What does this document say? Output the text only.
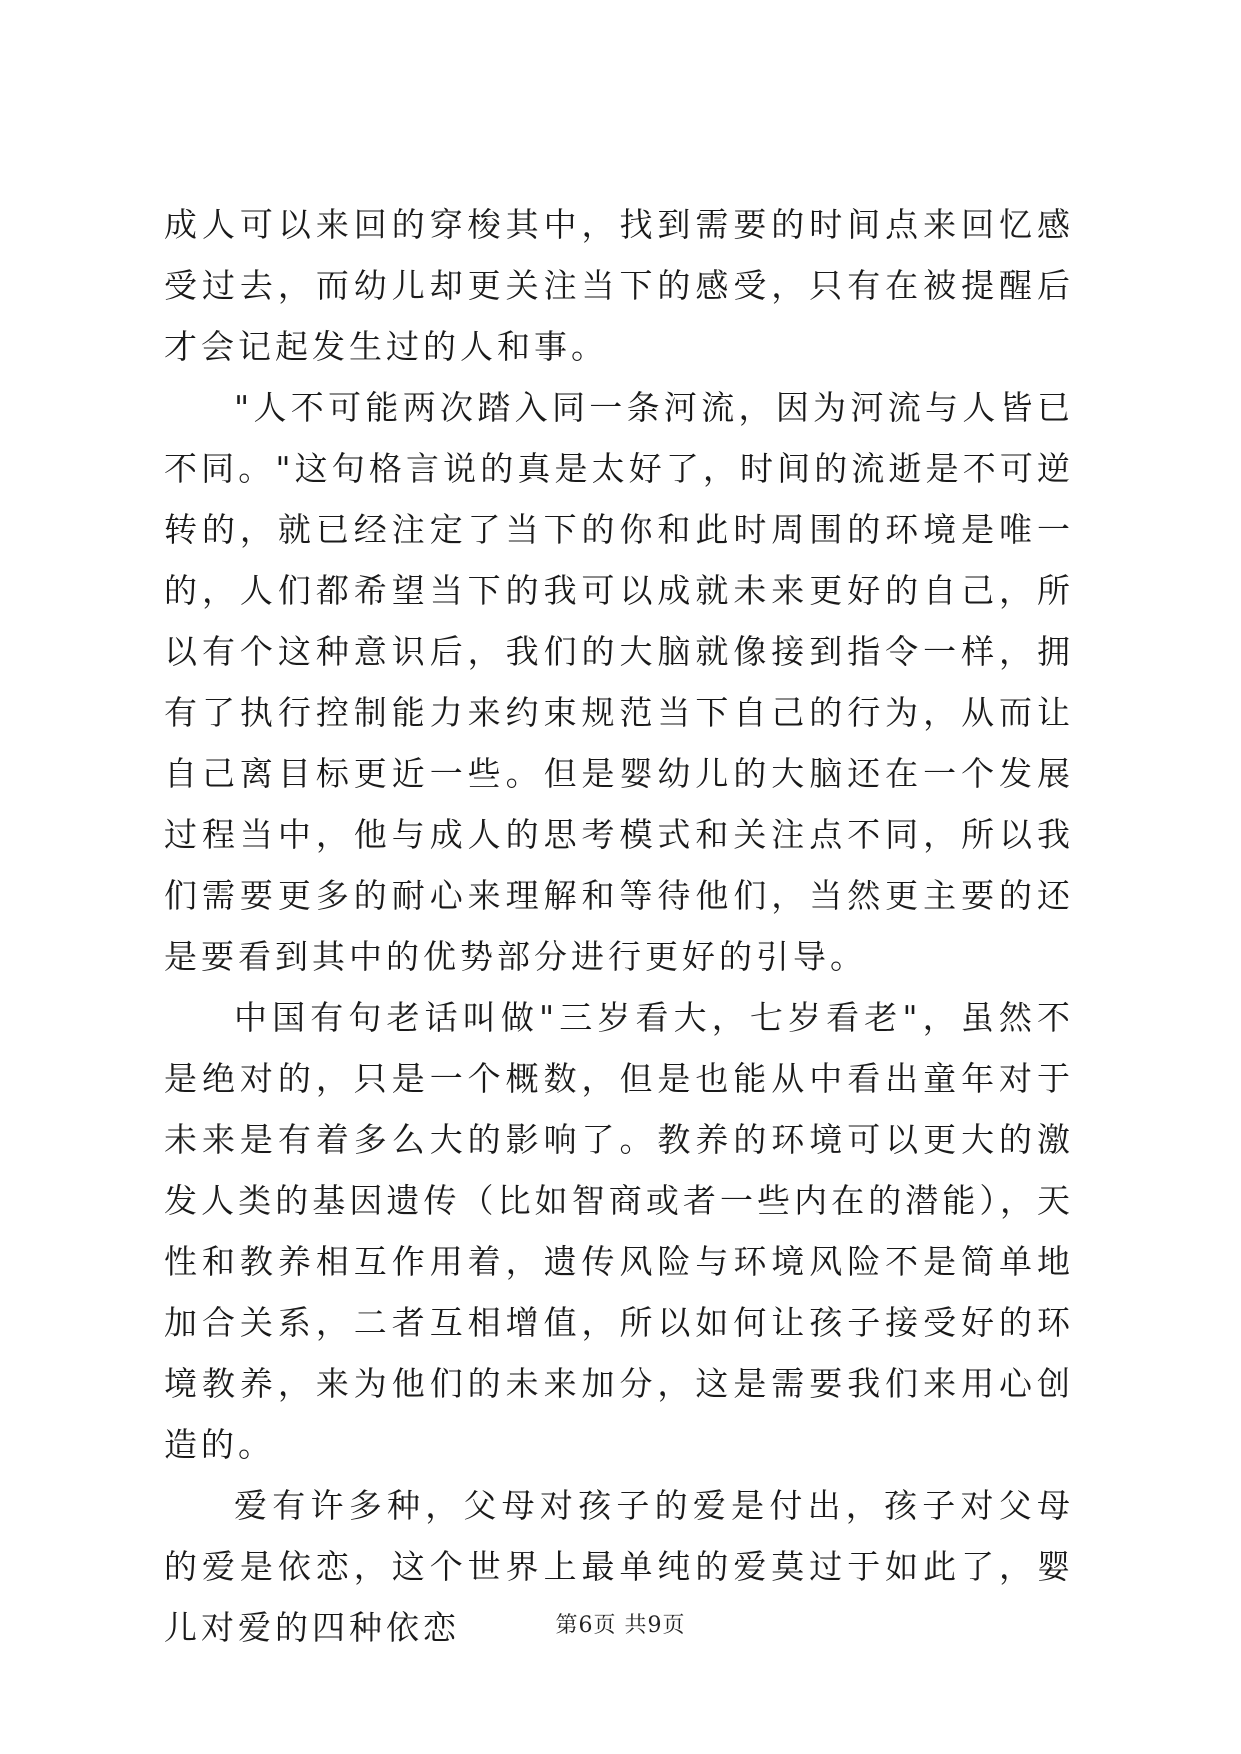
成人可以来回的穿梭其中，找到需要的时间点来回忆感受过去，而幼儿却更关注当下的感受，只有在被提醒后才会记起发生过的人和事。

"人不可能两次踏入同一条河流，因为河流与人皆已不同。"这句格言说的真是太好了，时间的流逝是不可逆转的，就已经注定了当下的你和此时周围的环境是唯一的，人们都希望当下的我可以成就未来更好的自己，所以有个这种意识后，我们的大脑就像接到指令一样，拥有了执行控制能力来约束规范当下自己的行为，从而让自己离目标更近一些。但是婴幼儿的大脑还在一个发展过程当中，他与成人的思考模式和关注点不同，所以我们需要更多的耐心来理解和等待他们，当然更主要的还是要看到其中的优势部分进行更好的引导。

中国有句老话叫做"三岁看大，七岁看老"，虽然不是绝对的，只是一个概数，但是也能从中看出童年对于未来是有着多么大的影响了。教养的环境可以更大的激发人类的基因遗传（比如智商或者一些内在的潜能），天性和教养相互作用着，遗传风险与环境风险不是简单地加合关系，二者互相增值，所以如何让孩子接受好的环境教养，来为他们的未来加分，这是需要我们来用心创造的。

爱有许多种，父母对孩子的爱是付出，孩子对父母的爱是依恋，这个世界上最单纯的爱莫过于如此了，婴儿对爱的四种依恋	第6页 共9页
